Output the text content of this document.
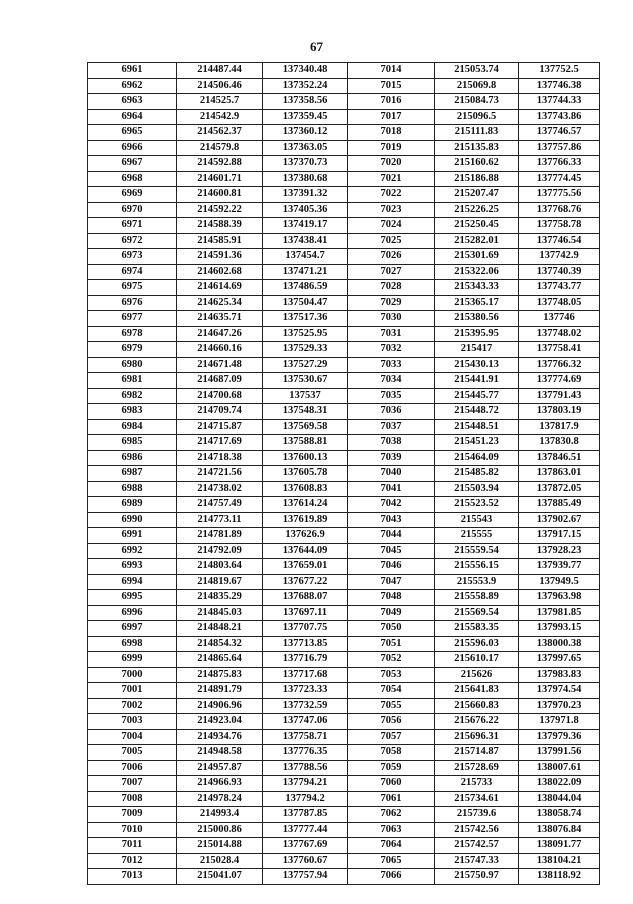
67
6961	214487.44	137340.48	7014	215053.74	137752.5
6962	214506.46	137352.24	7015	215069.8	137746.38
6963	214525.7	137358.56	7016	215084.73	137744.33
6964	214542.9	137359.45	7017	215096.5	137743.86
6965	214562.37	137360.12	7018	215111.83	137746.57
6966	214579.8	137363.05	7019	215135.83	137757.86
6967	214592.88	137370.73	7020	215160.62	137766.33
6968	214601.71	137380.68	7021	215186.88	137774.45
6969	214600.81	137391.32	7022	215207.47	137775.56
6970	214592.22	137405.36	7023	215226.25	137768.76
6971	214588.39	137419.17	7024	215250.45	137758.78
6972	214585.91	137438.41	7025	215282.01	137746.54
6973	214591.36	137454.7	7026	215301.69	137742.9
6974	214602.68	137471.21	7027	215322.06	137740.39
6975	214614.69	137486.59	7028	215343.33	137743.77
6976	214625.34	137504.47	7029	215365.17	137748.05
6977	214635.71	137517.36	7030	215380.56	137746
6978	214647.26	137525.95	7031	215395.95	137748.02
6979	214660.16	137529.33	7032	215417	137758.41
6980	214671.48	137527.29	7033	215430.13	137766.32
6981	214687.09	137530.67	7034	215441.91	137774.69
6982	214700.68	137537	7035	215445.77	137791.43
6983	214709.74	137548.31	7036	215448.72	137803.19
6984	214715.87	137569.58	7037	215448.51	137817.9
6985	214717.69	137588.81	7038	215451.23	137830.8
6986	214718.38	137600.13	7039	215464.09	137846.51
6987	214721.56	137605.78	7040	215485.82	137863.01
6988	214738.02	137608.83	7041	215503.94	137872.05
6989	214757.49	137614.24	7042	215523.52	137885.49
6990	214773.11	137619.89	7043	215543	137902.67
6991	214781.89	137626.9	7044	215555	137917.15
6992	214792.09	137644.09	7045	215559.54	137928.23
6993	214803.64	137659.01	7046	215556.15	137939.77
6994	214819.67	137677.22	7047	215553.9	137949.5
6995	214835.29	137688.07	7048	215558.89	137963.98
6996	214845.03	137697.11	7049	215569.54	137981.85
6997	214848.21	137707.75	7050	215583.35	137993.15
6998	214854.32	137713.85	7051	215596.03	138000.38
6999	214865.64	137716.79	7052	215610.17	137997.65
7000	214875.83	137717.68	7053	215626	137983.83
7001	214891.79	137723.33	7054	215641.83	137974.54
7002	214906.96	137732.59	7055	215660.83	137970.23
7003	214923.04	137747.06	7056	215676.22	137971.8
7004	214934.76	137758.71	7057	215696.31	137979.36
7005	214948.58	137776.35	7058	215714.87	137991.56
7006	214957.87	137788.56	7059	215728.69	138007.61
7007	214966.93	137794.21	7060	215733	138022.09
7008	214978.24	137794.2	7061	215734.61	138044.04
7009	214993.4	137787.85	7062	215739.6	138058.74
7010	215000.86	137777.44	7063	215742.56	138076.84
7011	215014.88	137767.69	7064	215742.57	138091.77
7012	215028.4	137760.67	7065	215747.33	138104.21
7013	215041.07	137757.94	7066	215750.97	138118.92
